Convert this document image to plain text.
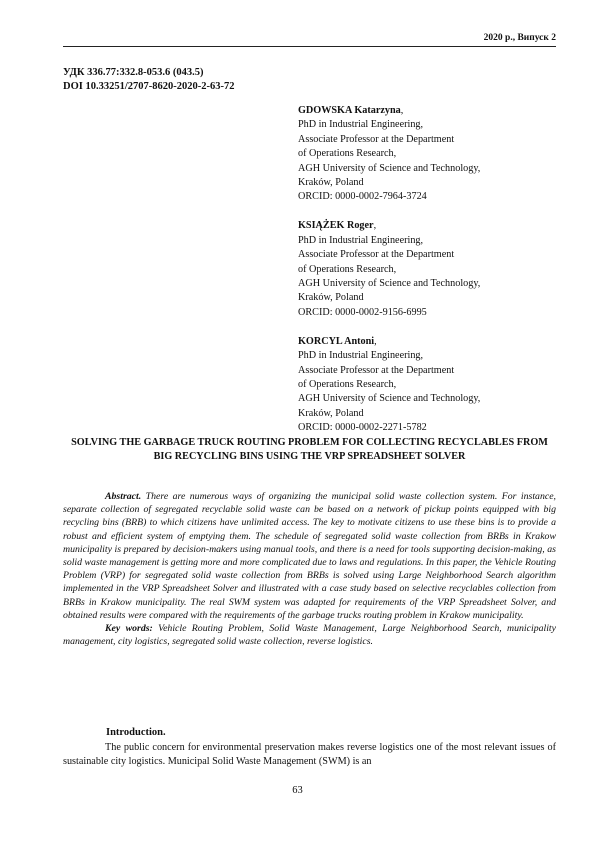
2020 р., Випуск 2
УДК 336.77:332.8-053.6 (043.5)
DOI 10.33251/2707-8620-2020-2-63-72
GDOWSKA Katarzyna,
PhD in Industrial Engineering,
Associate Professor at the Department
of Operations Research,
AGH University of Science and Technology,
Kraków, Poland
ORCID: 0000-0002-7964-3724
KSIĄŻEK Roger,
PhD in Industrial Engineering,
Associate Professor at the Department
of Operations Research,
AGH University of Science and Technology,
Kraków, Poland
ORCID: 0000-0002-9156-6995
KORCYL Antoni,
PhD in Industrial Engineering,
Associate Professor at the Department
of Operations Research,
AGH University of Science and Technology,
Kraków, Poland
ORCID: 0000-0002-2271-5782
SOLVING THE GARBAGE TRUCK ROUTING PROBLEM FOR COLLECTING RECYCLABLES FROM BIG RECYCLING BINS USING THE VRP SPREADSHEET SOLVER

Abstract. There are numerous ways of organizing the municipal solid waste collection system. For instance, separate collection of segregated recyclable solid waste can be based on a network of pickup points equipped with big recycling bins (BRB) to which citizens have unlimited access. The key to motivate citizens to use these bins is to provide a robust and efficient system of emptying them. The schedule of segregated solid waste collection from BRBs in Krakow municipality is prepared by decision-makers using manual tools, and there is a need for tools supporting decision-making, as solid waste management is getting more and more complicated due to laws and regulations. In this paper, the Vehicle Routing Problem (VRP) for segregated solid waste collection from BRBs is solved using Large Neighborhood Search algorithm implemented in the VRP Spreadsheet Solver and illustrated with a case study based on selective recyclables collection from BRBs in Krakow municipality. The real SWM system was adapted for requirements of the VRP Spreadsheet Solver, and obtained results were compared with the requirements of the garbage trucks routing problem in Krakow municipality.

Key words: Vehicle Routing Problem, Solid Waste Management, Large Neighborhood Search, municipality management, city logistics, segregated solid waste collection, reverse logistics.

Introduction.

The public concern for environmental preservation makes reverse logistics one of the most relevant issues of sustainable city logistics. Municipal Solid Waste Management (SWM) is an

63
